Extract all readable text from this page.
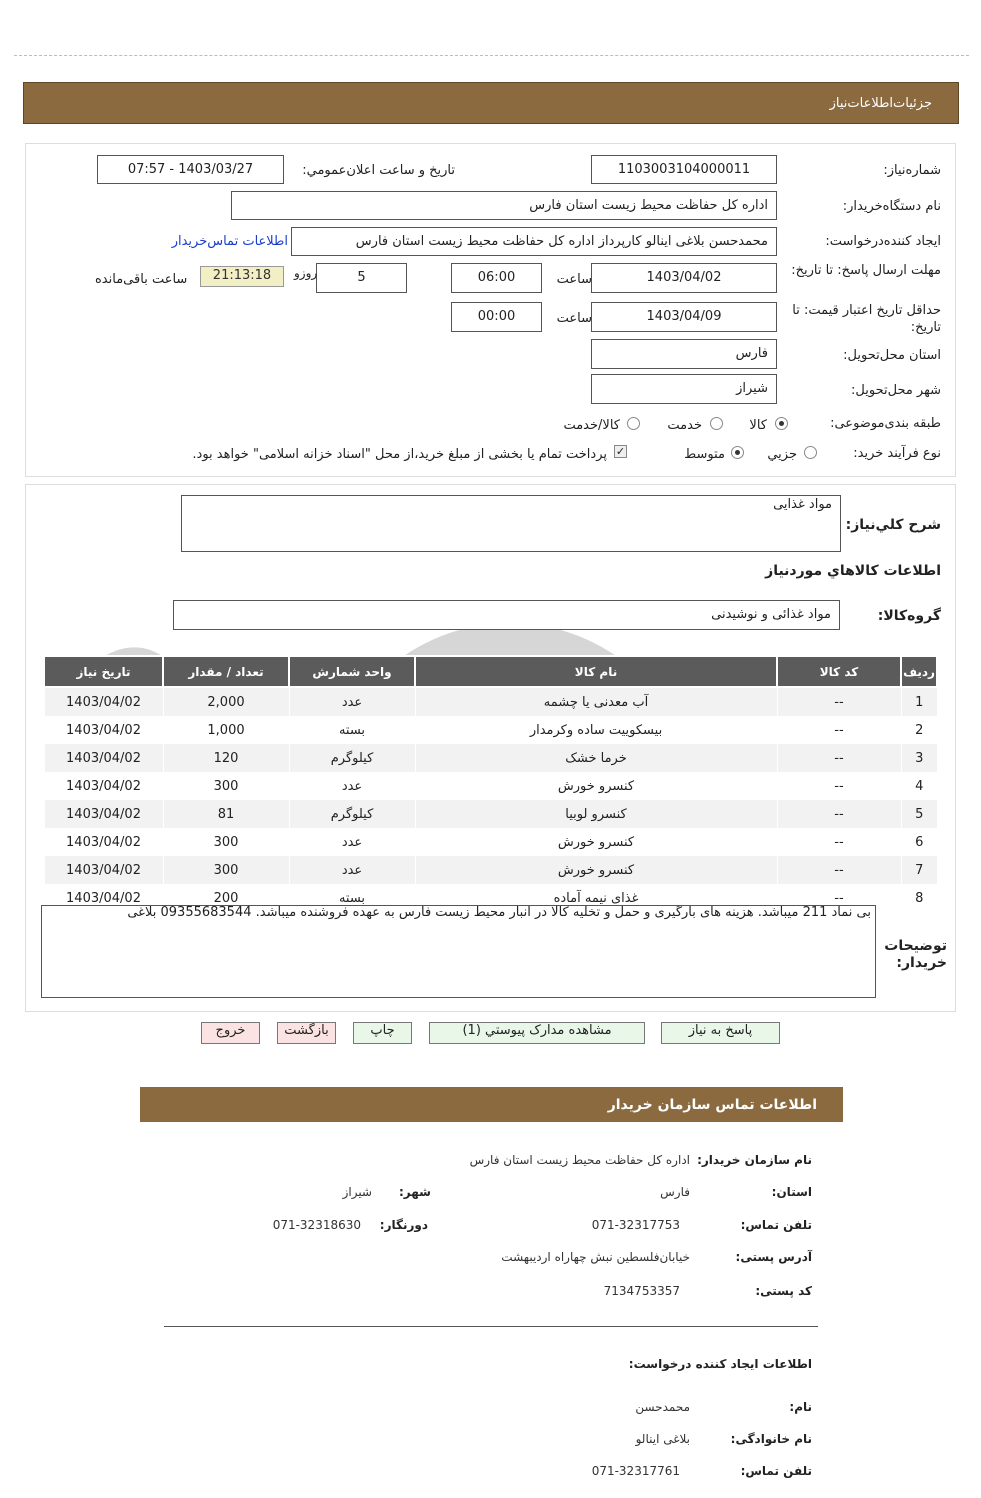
جزئیات‌اطلاعات‌نیاز
شماره‌نیاز:
1103003104000011
تاریخ و ساعت اعلان‌عمومي:
1403/03/27 - 07:57
نام دستگاه‌خریدار:
اداره کل حفاظت محیط زیست استان فارس
ایجاد کننده‌درخواست:
محمدحسن بلاغی اینالو کارپرداز اداره کل حفاظت محیط زیست استان فارس
اطلاعات تماس‌خریدار
مهلت ارسال پاسخ: تا تاریخ:
1403/04/02
ساعت
06:00
5
روزو
21:13:18
ساعت باقی‌مانده
حداقل تاریخ اعتبار قیمت: تا تاریخ:
1403/04/09
ساعت
00:00
استان محل‌تحویل:
فارس
شهر محل‌تحویل:
شیراز
طبقه بندی‌موضوعی:
کالا
خدمت
کالا/خدمت
نوع فرآیند خرید:
جزیي
متوسط
✓
پرداخت تمام یا بخشی از مبلغ خرید،از محل "اسناد خزانه اسلامی" خواهد بود.
شرح کلي‌نیاز:
مواد غذایی
اطلاعات کالاهاي موردنیاز
گروه‌کالا:
مواد غذائی و نوشیدنی
ردیف	کد کالا	نام کالا	واحد شمارش	تعداد / مقدار	تاریخ نیاز
1	--	آب معدنی یا چشمه	عدد	2,000	1403/04/02
2	--	بیسکوییت ساده وکرمدار	بسته	1,000	1403/04/02
3	--	خرما خشک	کیلوگرم	120	1403/04/02
4	--	کنسرو خورش	عدد	300	1403/04/02
5	--	کنسرو لوبیا	کیلوگرم	81	1403/04/02
6	--	کنسرو خورش	عدد	300	1403/04/02
7	--	کنسرو خورش	عدد	300	1403/04/02
8	--	غذای نیمه آماده	بسته	200	1403/04/02
توضیحات خریدار:
بی نماد 211 میباشد. هزینه های بارگیری و حمل و تخلیه کالا در انبار محیط زیست فارس به عهده فروشنده میباشد. 09355683544 بلاغی
پاسخ به نیاز
مشاهده مدارک پیوستي (1)
چاپ
بازگشت
خروج
اطلاعات تماس سازمان خریدار
نام سازمان خریدار:
اداره کل حفاظت محیط زیست استان فارس
استان:
فارس
شهر:
شیراز
تلفن تماس:
071-32317753
دورنگار:
071-32318630
آدرس پستی:
خیابان‌فلسطین نبش چهاراه اردیبهشت
کد پستی:
7134753357
اطلاعات ایجاد کننده درخواست:
نام:
محمدحسن
نام خانوادگی:
بلاغی اینالو
تلفن تماس:
071-32317761
